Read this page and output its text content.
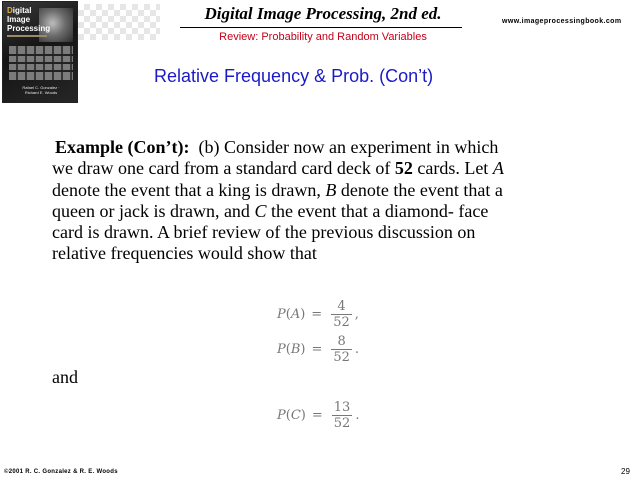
Digital
Image
Processing
Rafael C. Gonzalez · Richard E. Woods
Digital Image Processing, 2nd ed.	www.imageprocessingbook.com
Review: Probability and Random Variables
Relative Frequency & Prob. (Con’t)
Example (Con’t): (b) Consider now an experiment in which
we draw one card from a standard card deck of 52 cards. Let A
denote the event that a king is drawn, B denote the event that a
queen or jack is drawn, and C the event that a diamond- face
card is drawn. A brief review of the previous discussion on
relative frequencies would show that
$P(A) = \frac{4}{52}$ ,
$P(B) = \frac{8}{52}$ .
and
$P(C) = \frac{13}{52}$ .
©2001 R. C. Gonzalez & R. E. Woods	29
